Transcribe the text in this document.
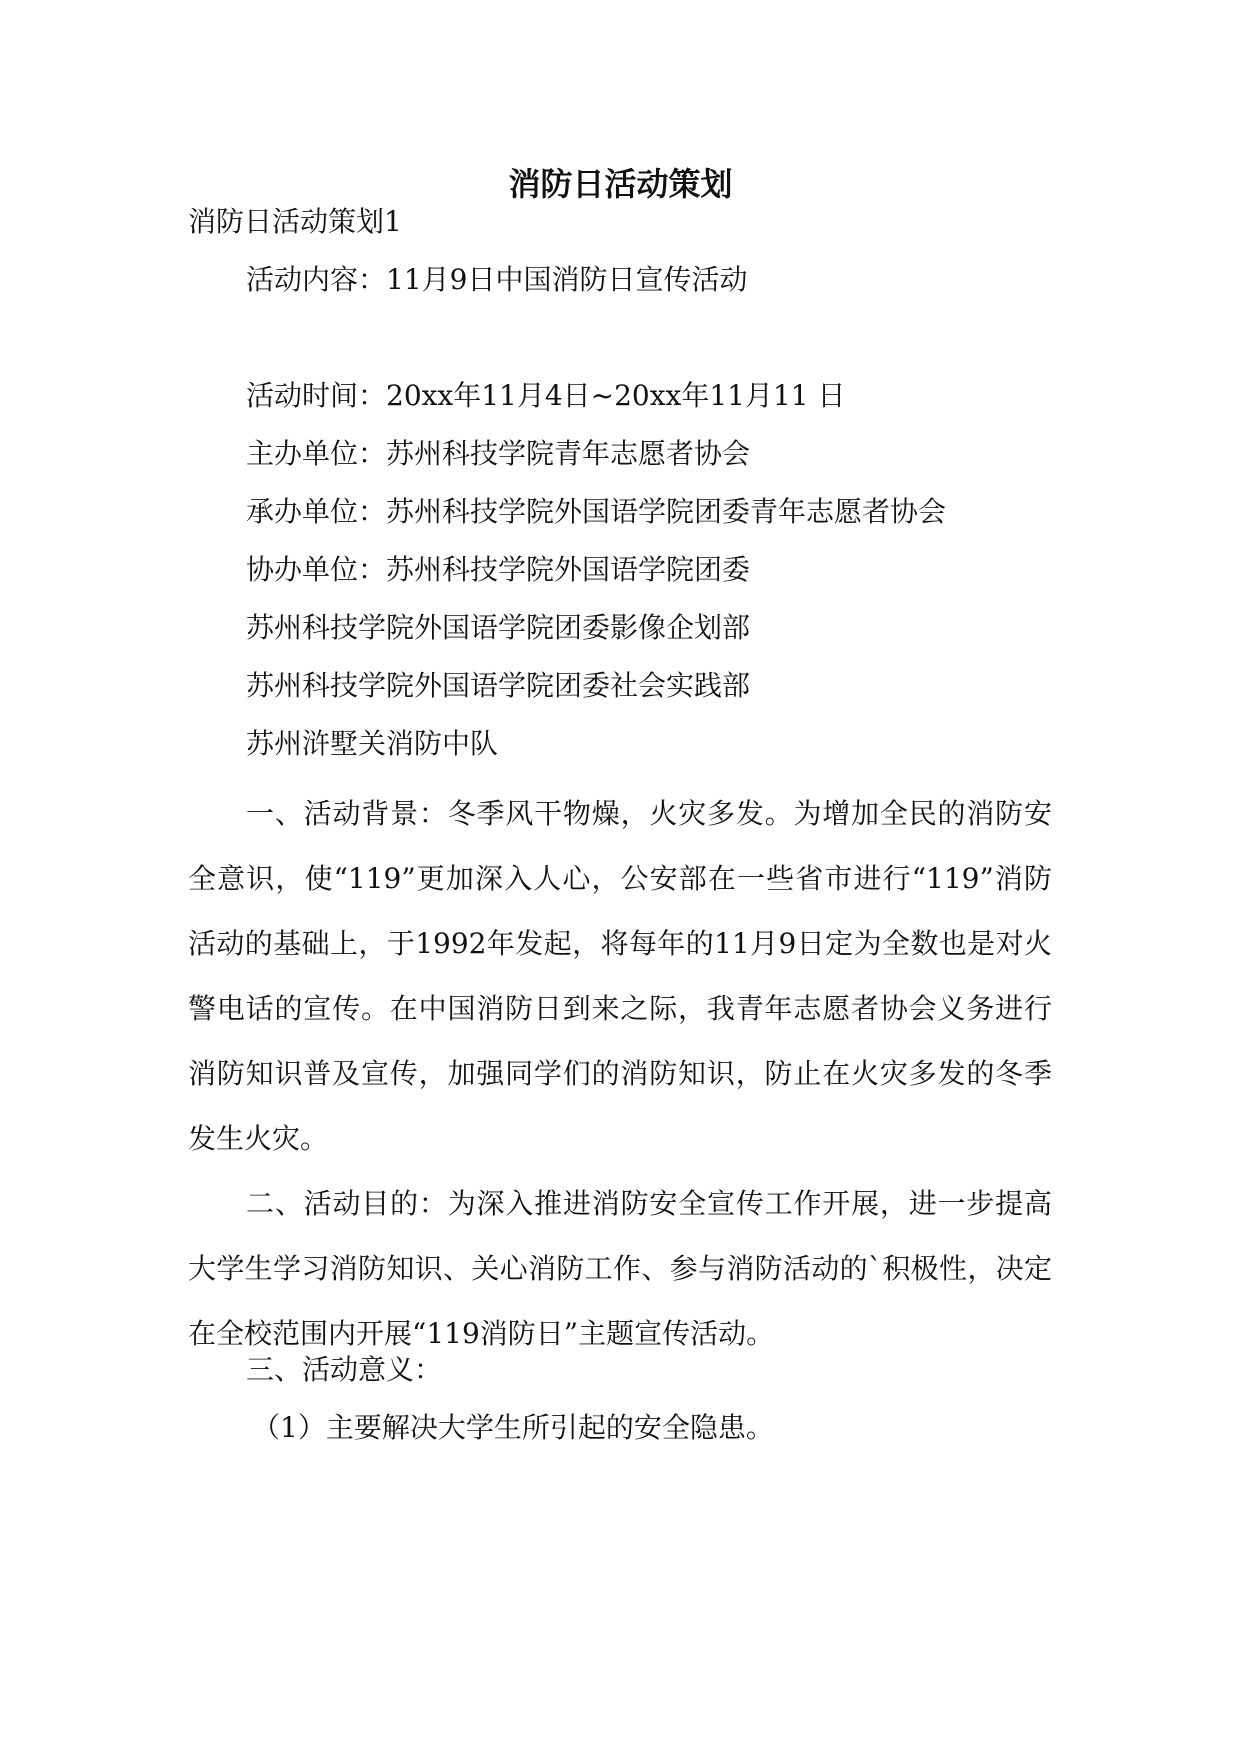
消防日活动策划
消防日活动策划1
活动内容：11月9日中国消防日宣传活动
活动时间：20xx年11月4日~20xx年11月11 日
主办单位：苏州科技学院青年志愿者协会
承办单位：苏州科技学院外国语学院团委青年志愿者协会
协办单位：苏州科技学院外国语学院团委
苏州科技学院外国语学院团委影像企划部
苏州科技学院外国语学院团委社会实践部
苏州浒墅关消防中队

一、活动背景：冬季风干物燥，火灾多发。为增加全民的消防安全意识，使“119”更加深入人心，公安部在一些省市进行“119”消防活动的基础上，于1992年发起，将每年的11月9日定为全数也是对火警电话的宣传。在中国消防日到来之际，我青年志愿者协会义务进行消防知识普及宣传，加强同学们的消防知识，防止在火灾多发的冬季发生火灾。

二、活动目的：为深入推进消防安全宣传工作开展，进一步提高大学生学习消防知识、关心消防工作、参与消防活动的`积极性，决定在全校范围内开展“119消防日”主题宣传活动。

三、活动意义：
（1）主要解决大学生所引起的安全隐患。
